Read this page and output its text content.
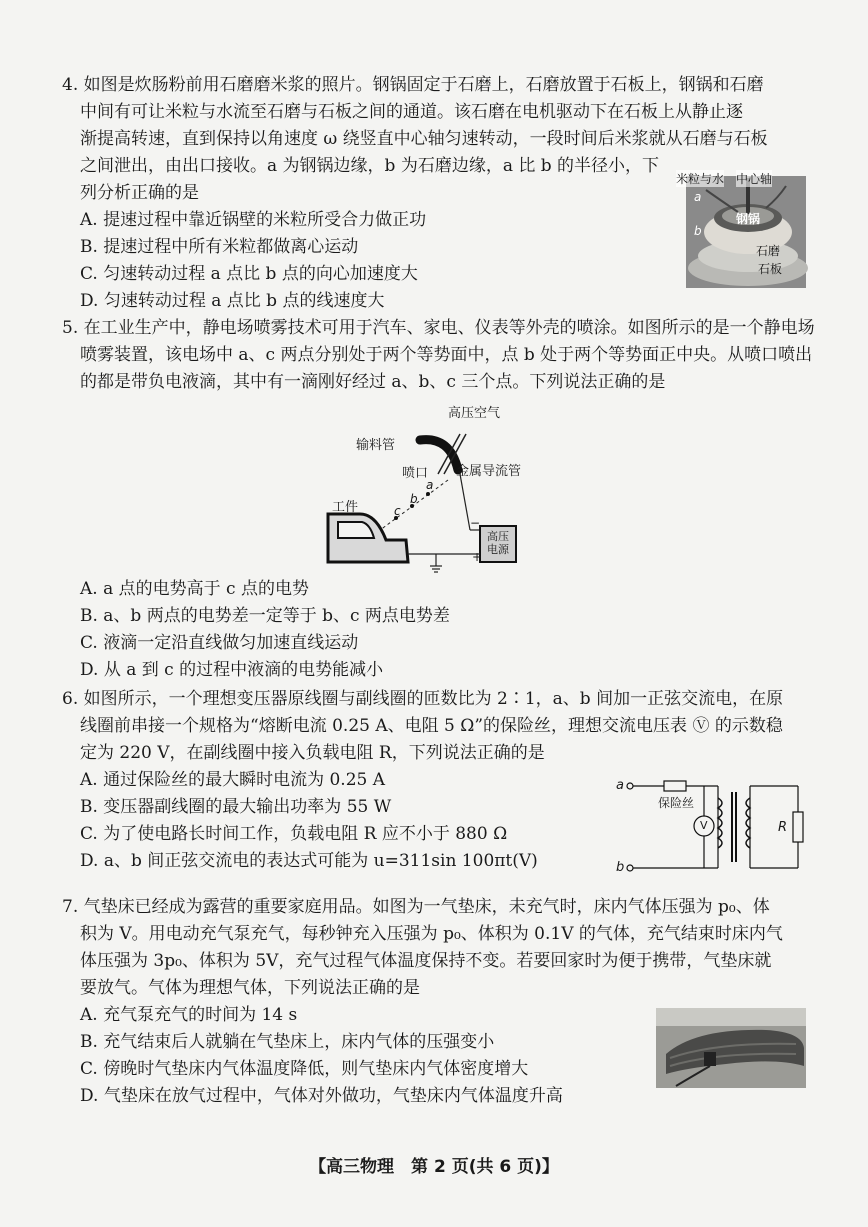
4. 如图是炊肠粉前用石磨磨米浆的照片。钢锅固定于石磨上，石磨放置于石板上，钢锅和石磨
中间有可让米粒与水流至石磨与石板之间的通道。该石磨在电机驱动下在石板上从静止逐
渐提高转速，直到保持以角速度 ω 绕竖直中心轴匀速转动，一段时间后米浆就从石磨与石板
之间泄出，由出口接收。a 为钢锅边缘，b 为石磨边缘，a 比 b 的半径小，下
列分析正确的是
A. 提速过程中靠近锅壁的米粒所受合力做正功
B. 提速过程中所有米粒都做离心运动
C. 匀速转动过程 a 点比 b 点的向心加速度大
D. 匀速转动过程 a 点比 b 点的线速度大
米粒与水 中心轴
a
b
钢锅
石磨
石板
5. 在工业生产中，静电场喷雾技术可用于汽车、家电、仪表等外壳的喷涂。如图所示的是一个静电场
喷雾装置，该电场中 a、c 两点分别处于两个等势面中，点 b 处于两个等势面正中央。从喷口喷出
的都是带负电液滴，其中有一滴刚好经过 a、b、c 三个点。下列说法正确的是
高压空气
输料管
喷口 金属导流管
工件
高压电源
a
b
c
+
−
A. a 点的电势高于 c 点的电势
B. a、b 两点的电势差一定等于 b、c 两点电势差
C. 液滴一定沿直线做匀加速直线运动
D. 从 a 到 c 的过程中液滴的电势能减小
6. 如图所示，一个理想变压器原线圈与副线圈的匝数比为 2∶1，a、b 间加一正弦交流电，在原
线圈前串接一个规格为“熔断电流 0.25 A、电阻 5 Ω”的保险丝，理想交流电压表 Ⓥ 的示数稳
定为 220 V，在副线圈中接入负载电阻 R，下列说法正确的是
A. 通过保险丝的最大瞬时电流为 0.25 A
B. 变压器副线圈的最大输出功率为 55 W
C. 为了使电路长时间工作，负载电阻 R 应不小于 880 Ω
D. a、b 间正弦交流电的表达式可能为 u=311sin 100πt(V)
a
b
保险丝
V	R
7. 气垫床已经成为露营的重要家庭用品。如图为一气垫床，未充气时，床内气体压强为 p₀、体
积为 V。用电动充气泵充气，每秒钟充入压强为 p₀、体积为 0.1V 的气体，充气结束时床内气
体压强为 3p₀、体积为 5V，充气过程气体温度保持不变。若要回家时为便于携带，气垫床就
要放气。气体为理想气体，下列说法正确的是
A. 充气泵充气的时间为 14 s
B. 充气结束后人就躺在气垫床上，床内气体的压强变小
C. 傍晚时气垫床内气体温度降低，则气垫床内气体密度增大
D. 气垫床在放气过程中，气体对外做功，气垫床内气体温度升高
【高三物理　第 2 页(共 6 页)】
